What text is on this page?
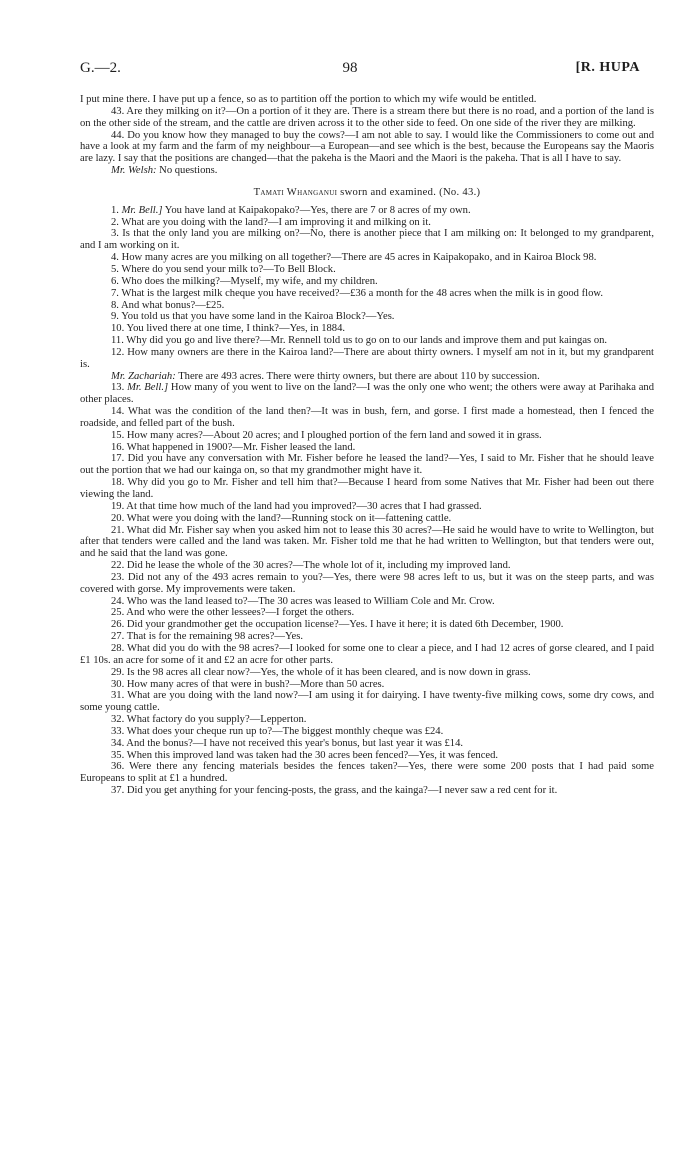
G.—2.	98	[R. HUPA

I put mine there. I have put up a fence, so as to partition off the portion to which my wife would be entitled.

43. Are they milking on it?—On a portion of it they are. There is a stream there but there is no road, and a portion of the land is on the other side of the stream, and the cattle are driven across it to the other side to feed. On one side of the river they are milking.

44. Do you know how they managed to buy the cows?—I am not able to say. I would like the Commissioners to come out and have a look at my farm and the farm of my neighbour—a European—and see which is the best, because the Europeans say the Maoris are lazy. I say that the positions are changed—that the pakeha is the Maori and the Maori is the pakeha. That is all I have to say.

Mr. Welsh: No questions.

Tamati Whanganui sworn and examined. (No. 43.)

1. Mr. Bell.] You have land at Kaipakopako?—Yes, there are 7 or 8 acres of my own.

2. What are you doing with the land?—I am improving it and milking on it.

3. Is that the only land you are milking on?—No, there is another piece that I am milking on: It belonged to my grandparent, and I am working on it.

4. How many acres are you milking on all together?—There are 45 acres in Kaipakopako, and in Kairoa Block 98.

5. Where do you send your milk to?—To Bell Block.

6. Who does the milking?—Myself, my wife, and my children.

7. What is the largest milk cheque you have received?—£36 a month for the 48 acres when the milk is in good flow.

8. And what bonus?—£25.

9. You told us that you have some land in the Kairoa Block?—Yes.

10. You lived there at one time, I think?—Yes, in 1884.

11. Why did you go and live there?—Mr. Rennell told us to go on to our lands and improve them and put kaingas on.

12. How many owners are there in the Kairoa land?—There are about thirty owners. I myself am not in it, but my grandparent is.

Mr. Zachariah: There are 493 acres. There were thirty owners, but there are about 110 by succession.

13. Mr. Bell.] How many of you went to live on the land?—I was the only one who went; the others were away at Parihaka and other places.

14. What was the condition of the land then?—It was in bush, fern, and gorse. I first made a homestead, then I fenced the roadside, and felled part of the bush.

15. How many acres?—About 20 acres; and I ploughed portion of the fern land and sowed it in grass.

16. What happened in 1900?—Mr. Fisher leased the land.

17. Did you have any conversation with Mr. Fisher before he leased the land?—Yes, I said to Mr. Fisher that he should leave out the portion that we had our kainga on, so that my grandmother might have it.

18. Why did you go to Mr. Fisher and tell him that?—Because I heard from some Natives that Mr. Fisher had been out there viewing the land.

19. At that time how much of the land had you improved?—30 acres that I had grassed.

20. What were you doing with the land?—Running stock on it—fattening cattle.

21. What did Mr. Fisher say when you asked him not to lease this 30 acres?—He said he would have to write to Wellington, but after that tenders were called and the land was taken. Mr. Fisher told me that he had written to Wellington, but that tenders were out, and he said that the land was gone.

22. Did he lease the whole of the 30 acres?—The whole lot of it, including my improved land.

23. Did not any of the 493 acres remain to you?—Yes, there were 98 acres left to us, but it was on the steep parts, and was covered with gorse. My improvements were taken.

24. Who was the land leased to?—The 30 acres was leased to William Cole and Mr. Crow.

25. And who were the other lessees?—I forget the others.

26. Did your grandmother get the occupation license?—Yes. I have it here; it is dated 6th December, 1900.

27. That is for the remaining 98 acres?—Yes.

28. What did you do with the 98 acres?—I looked for some one to clear a piece, and I had 12 acres of gorse cleared, and I paid £1 10s. an acre for some of it and £2 an acre for other parts.

29. Is the 98 acres all clear now?—Yes, the whole of it has been cleared, and is now down in grass.

30. How many acres of that were in bush?—More than 50 acres.

31. What are you doing with the land now?—I am using it for dairying. I have twenty-five milking cows, some dry cows, and some young cattle.

32. What factory do you supply?—Lepperton.

33. What does your cheque run up to?—The biggest monthly cheque was £24.

34. And the bonus?—I have not received this year's bonus, but last year it was £14.

35. When this improved land was taken had the 30 acres been fenced?—Yes, it was fenced.

36. Were there any fencing materials besides the fences taken?—Yes, there were some 200 posts that I had paid some Europeans to split at £1 a hundred.

37. Did you get anything for your fencing-posts, the grass, and the kainga?—I never saw a red cent for it.
